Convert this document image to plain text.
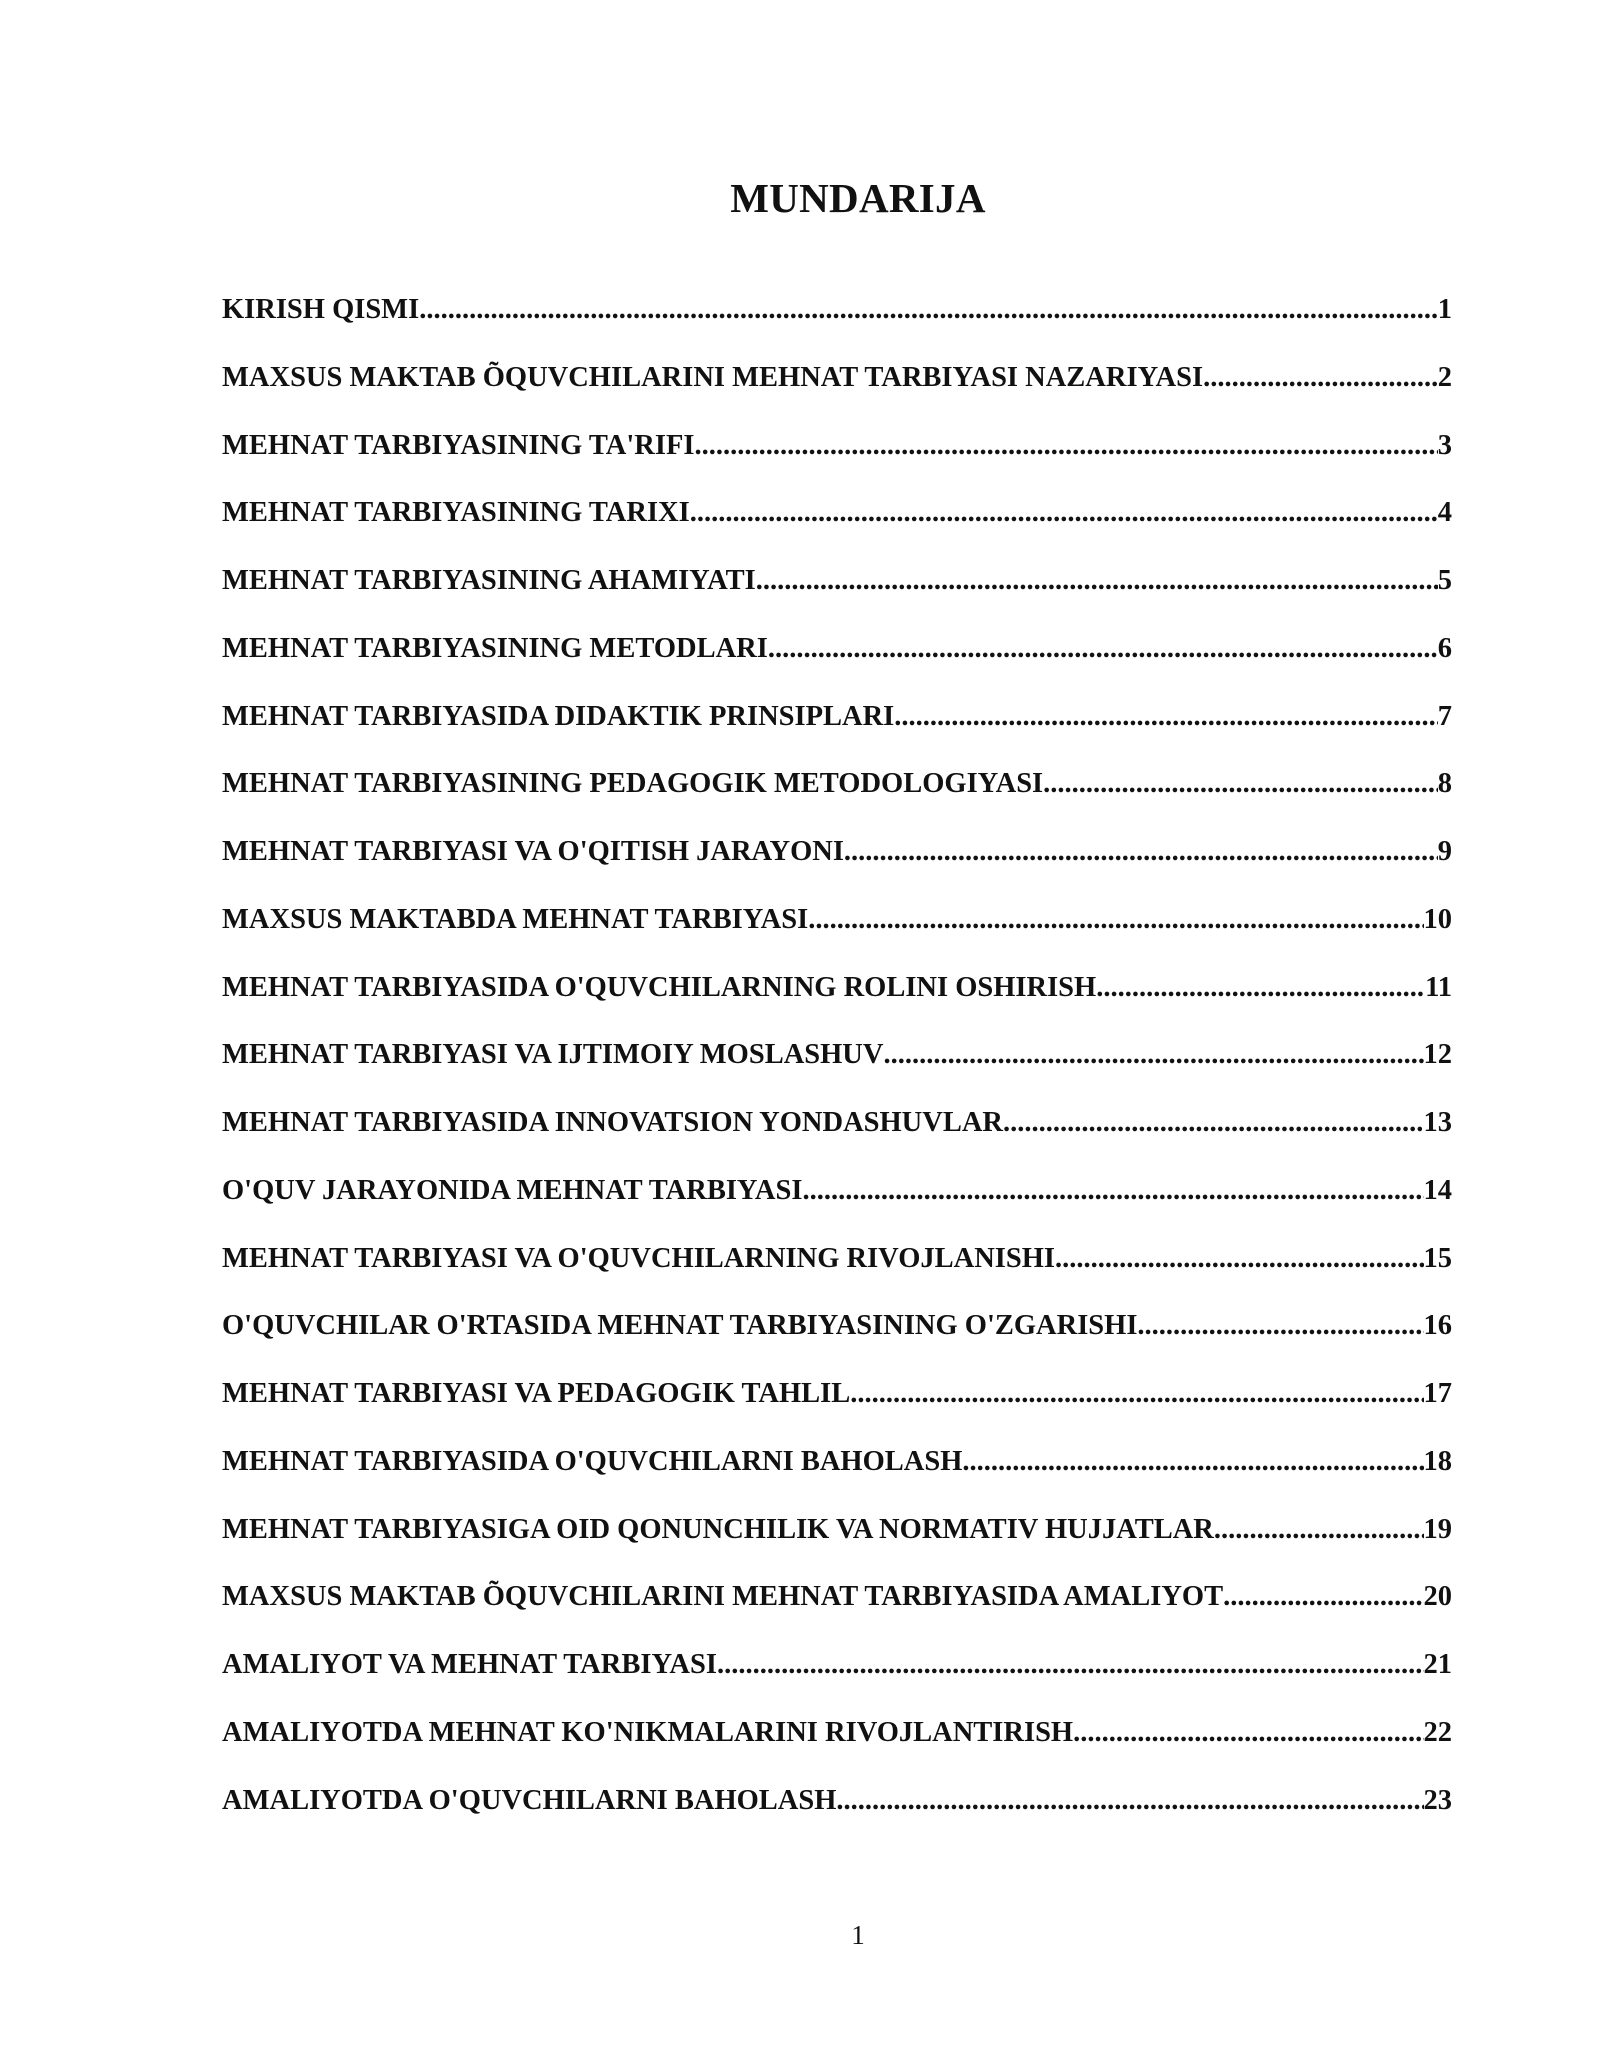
MUNDARIJA
KIRISH QISMI .....	1
MAXSUS MAKTAB ÕQUVCHILARINI MEHNAT TARBIYASI NAZARIYASI .....	2
MEHNAT TARBIYASINING TA'RIFI .....	3
MEHNAT TARBIYASINING TARIXI .....	4
MEHNAT TARBIYASINING AHAMIYATI .....	5
MEHNAT TARBIYASINING METODLARI .....	6
MEHNAT TARBIYASIDA DIDAKTIK PRINSIPLARI .....	7
MEHNAT TARBIYASINING PEDAGOGIK METODOLOGIYASI .....	8
MEHNAT TARBIYASI VA O'QITISH JARAYONI .....	9
MAXSUS MAKTABDA MEHNAT TARBIYASI .....	10
MEHNAT TARBIYASIDA O'QUVCHILARNING ROLINI OSHIRISH .....	11
MEHNAT TARBIYASI VA IJTIMOIY MOSLASHUV .....	12
MEHNAT TARBIYASIDA INNOVATSION YONDASHUVLAR .....	13
O'QUV JARAYONIDA MEHNAT TARBIYASI .....	14
MEHNAT TARBIYASI VA O'QUVCHILARNING RIVOJLANISHI .....	15
O'QUVCHILAR O'RTASIDA MEHNAT TARBIYASINING O'ZGARISHI .....	16
MEHNAT TARBIYASI VA PEDAGOGIK TAHLIL .....	17
MEHNAT TARBIYASIDA O'QUVCHILARNI BAHOLASH .....	18
MEHNAT TARBIYASIGA OID QONUNCHILIK VA NORMATIV HUJJATLAR .....	19
MAXSUS MAKTAB ÕQUVCHILARINI MEHNAT TARBIYASIDA AMALIYOT .....	20
AMALIYOT VA MEHNAT TARBIYASI .....	21
AMALIYOTDA MEHNAT KO'NIKMALARINI RIVOJLANTIRISH .....	22
AMALIYOTDA O'QUVCHILARNI BAHOLASH .....	23
1
